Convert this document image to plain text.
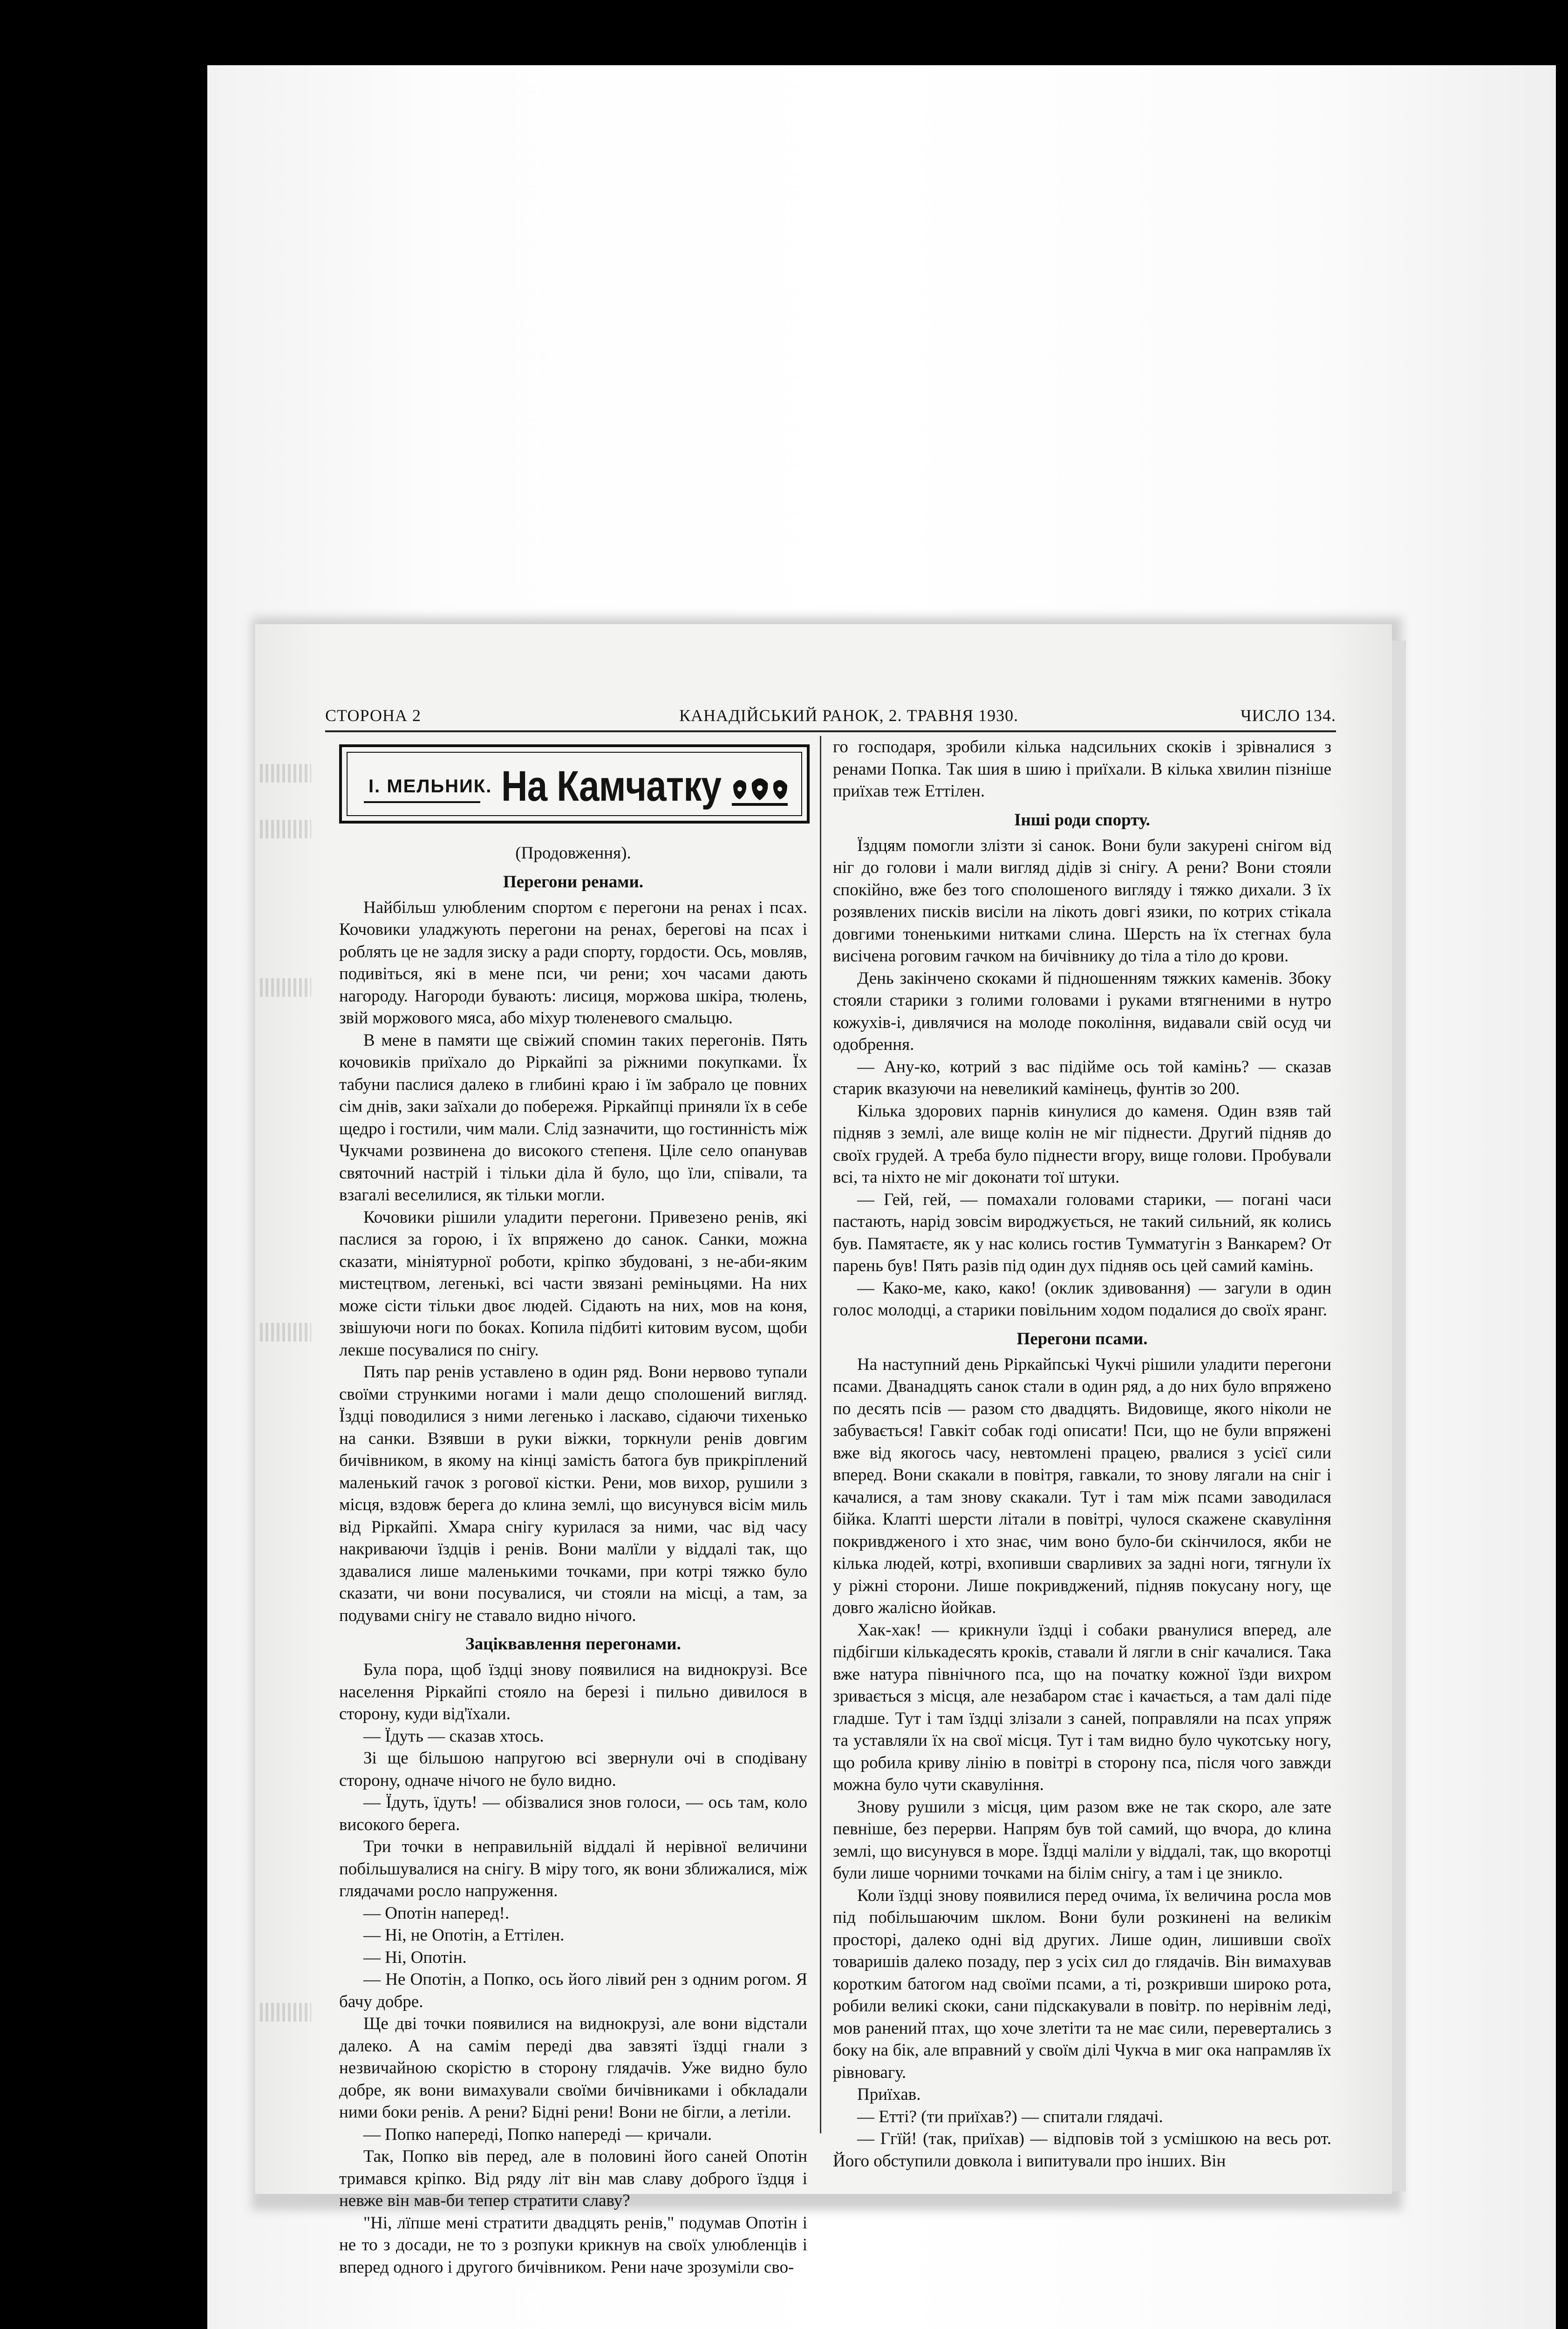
СТОРОНА 2	КАНАДІЙСЬКИЙ РАНОК, 2. ТРАВНЯ 1930.	ЧИСЛО 134.
І. МЕЛЬНИК. На Камчатку
(Продовження).
Перегони ренами.

Найбільш улюбленим спортом є перегони на ренах і псах. Кочовики уладжують перегони на ренах, берегові на псах і роблять це не задля зиску а ради спорту, гордости. Ось, мовляв, подивіться, які в мене пси, чи рени; хоч часами дають нагороду. Нагороди бувають: лисиця, моржова шкіра, тюлень, звій моржового мяса, або міхур тюленевого смальцю.

В мене в памяти ще свіжий спомин таких перегонів. Пять кочовиків приїхало до Ріркайпі за ріжними покупками. Їх табуни паслися далеко в глибині краю і їм забрало це повних сім днів, заки заїхали до побережя. Ріркайпці приняли їх в себе щедро і гостили, чим мали. Слід зазначити, що гостинність між Чукчами розвинена до високого степеня. Ціле село опанував святочний настрій і тільки діла й було, що їли, співали, та взагалі веселилися, як тільки могли.

Кочовики рішили уладити перегони. Привезено ренів, які паслися за горою, і їх впряжено до санок. Санки, можна сказати, мініятурної роботи, кріпко збудовані, з не-аби-яким мистецтвом, легенькі, всі части звязані реміньцями. На них може сісти тільки двоє людей. Сідають на них, мов на коня, звішуючи ноги по боках. Копила підбиті китовим вусом, щоби лекше посувалися по снігу.

Пять пар ренів уставлено в один ряд. Вони нервово тупали своїми стрункими ногами і мали дещо сполошений вигляд. Їздці поводилися з ними легенько і ласкаво, сідаючи тихенько на санки. Взявши в руки віжки, торкнули ренів довгим бичівником, в якому на кінці замість батога був прикріплений маленький гачок з рогової кістки. Рени, мов вихор, рушили з місця, вздовж берега до клина землі, що висунувся вісім миль від Ріркайпі. Хмара снігу курилася за ними, час від часу накриваючи їздців і ренів. Вони малїли у віддалі так, що здавалися лише маленькими точками, при котрі тяжко було сказати, чи вони посувалися, чи стояли на місці, а там, за подувами снігу не ставало видно нічого.

Заціквавлення перегонами.

Була пора, щоб їздці знову появилися на виднокрузі. Все населення Ріркайпі стояло на березі і пильно дивилося в сторону, куди від'їхали.

— Їдуть — сказав хтось.

Зі ще більшою напругою всі звернули очі в сподівану сторону, одначе нічого не було видно.

— Їдуть, їдуть! — обізвалися знов голоси, — ось там, коло високого берега.

Три точки в неправильній віддалі й нерівної величини побільшувалися на снігу. В міру того, як вони зближалися, між глядачами росло напруження.

— Опотін наперед!.

— Ні, не Опотін, а Еттілен.

— Ні, Опотін.

— Не Опотін, а Попко, ось його лівий рен з одним рогом. Я бачу добре.

Ще дві точки появилися на виднокрузі, але вони відстали далеко. А на самім переді два завзяті їздці гнали з незвичайною скорістю в сторону глядачів. Уже видно було добре, як вони вимахували своїми бичівниками і обкладали ними боки ренів. А рени? Бідні рени! Вони не бігли, а летіли.

— Попко напереді, Попко напереді — кричали.

Так, Попко вів перед, але в половині його саней Опотін тримався кріпко. Від ряду літ він мав славу доброго їздця і невже він мав-би тепер стратити славу?

"Ні, лїпше мені стратити двадцять ренів," подумав Опотін і не то з досади, не то з розпуки крикнув на своїх улюбленців і вперед одного і другого бичівником. Рени наче зрозуміли сво-

го господаря, зробили кілька надсильних скоків і зрівналися з ренами Попка. Так шия в шию і приїхали. В кілька хвилин пізніше приїхав теж Еттілен.

Інші роди спорту.

Їздцям помогли злізти зі санок. Вони були закурені снігом від ніг до голови і мали вигляд дідів зі снігу. А рени? Вони стояли спокійно, вже без того сполошеного вигляду і тяжко дихали. З їх розявлених писків висіли на лікоть довгі язики, по котрих стікала довгими тоненькими нитками слина. Шерсть на їх стегнах була висічена роговим гачком на бичівнику до тіла а тіло до крови.

День закінчено скоками й підношенням тяжких каменів. Збоку стояли старики з голими головами і руками втягненими в нутро кожухів-і, дивлячися на молоде покоління, видавали свій осуд чи одобрення.

— Ану-ко, котрий з вас підійме ось той камінь? — сказав старик вказуючи на невеликий камінець, фунтів зо 200.

Кілька здорових парнів кинулися до каменя. Один взяв тай підняв з землі, але вище колін не міг піднести. Другий підняв до своїх грудей. А треба було піднести вгору, вище голови. Пробували всі, та ніхто не міг доконати тої штуки.

— Гей, гей, — помахали головами старики, — погані часи пастають, нарід зовсім вироджується, не такий сильний, як колись був. Памятаєте, як у нас колись гостив Тумматугін з Ванкарем? От парень був! Пять разів під один дух підняв ось цей самий камінь.

— Како-ме, како, како! (оклик здивовання) — загули в один голос молодці, а старики повільним ходом подалися до своїх яранг.

Перегони псами.

На наступний день Ріркайпські Чукчі рішили уладити перегони псами. Дванадцять санок стали в один ряд, а до них було впряжено по десять псів — разом сто двадцять. Видовище, якого ніколи не забувається! Гавкіт собак годі описати! Пси, що не були впряжені вже від якогось часу, невтомлені працею, рвалися з усієї сили вперед. Вони скакали в повітря, гавкали, то знову лягали на сніг і качалися, а там знову скакали. Тут і там між псами заводилася бійка. Клапті шерсти літали в повітрі, чулося скажене скавуління покривдженого і хто знає, чим воно було-би скінчилося, якби не кілька людей, котрі, вхопивши сварливих за задні ноги, тягнули їх у ріжні сторони. Лише покривджений, підняв покусану ногу, ще довго жалісно йойкав.

Хак-хак! — крикнули їздці і собаки рванулися вперед, але підбігши кількадесять кроків, ставали й лягли в сніг качалися. Така вже натура північного пса, що на початку кожної їзди вихром зривається з місця, але незабаром стає і качається, а там далі піде гладше. Тут і там їздці злізали з саней, поправляли на псах упряж та уставляли їх на свої місця. Тут і там видно було чукотську ногу, що робила криву лінію в повітрі в сторону пса, після чого завжди можна було чути скавуління.

Знову рушили з місця, цим разом вже не так скоро, але зате певніше, без перерви. Напрям був той самий, що вчора, до клина землі, що висунувся в море. Їздці маліли у віддалі, так, що вкоротці були лише чорними точками на білім снігу, а там і це зникло.

Коли їздці знову появилися перед очима, їх величина росла мов під побільшаючим шклом. Вони були розкинені на великім просторі, далеко одні від других. Лише один, лишивши своїх товаришів далеко позаду, пер з усіх сил до глядачів. Він вимахував коротким батогом над своїми псами, а ті, розкривши широко рота, робили великі скоки, сани підскакували в повітр. по нерівнім леді, мов ранений птах, що хоче злетіти та не має сили, перевертались з боку на бік, але вправний у своїм ділі Чукча в миг ока напрамляв їх рівновагу.

Приїхав.

— Етті? (ти приїхав?) — спитали глядачі.

— Ггїй! (так, приїхав) — відповів той з усмішкою на весь рот. Його обступили довкола і випитували про інших. Він
